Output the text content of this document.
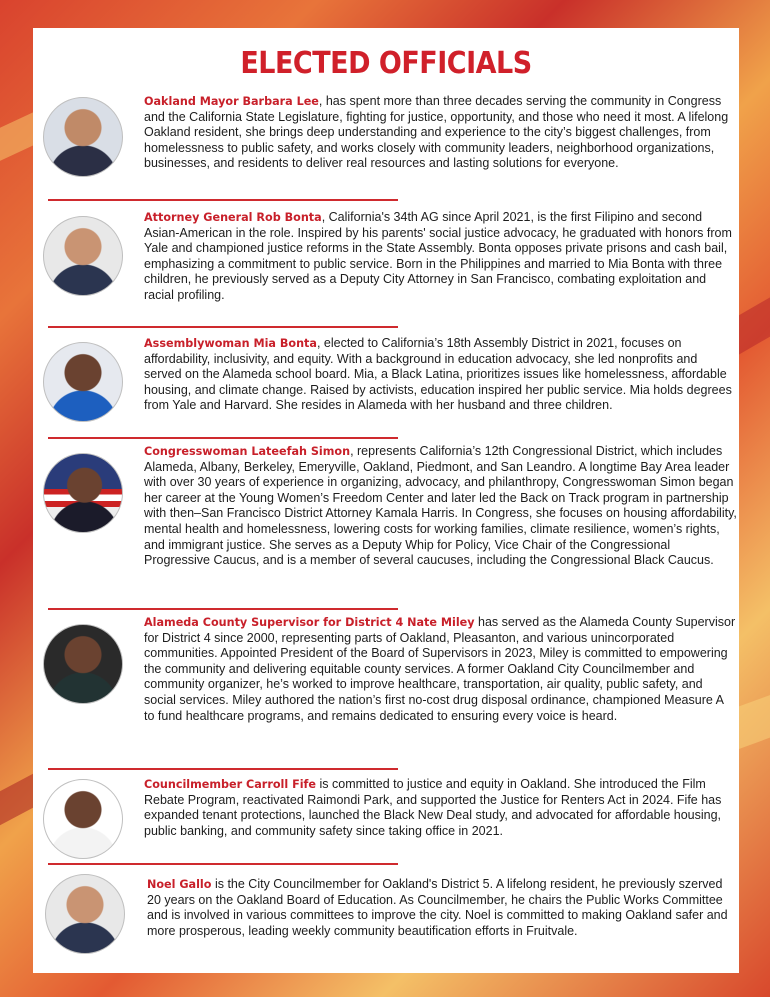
ELECTED OFFICIALS

Oakland Mayor Barbara Lee, has spent more than three decades serving the community in Congress and the California State Legislature, fighting for justice, opportunity, and those who need it most. A lifelong Oakland resident, she brings deep understanding and experience to the city’s biggest challenges, from homelessness to public safety, and works closely with community leaders, neighborhood organizations, businesses, and residents to deliver real resources and lasting solutions for everyone.

Attorney General Rob Bonta, California's 34th AG since April 2021, is the first Filipino and second Asian-American in the role. Inspired by his parents' social justice advocacy, he graduated with honors from Yale and championed justice reforms in the State Assembly. Bonta opposes private prisons and cash bail, emphasizing a commitment to public service. Born in the Philippines and married to Mia Bonta with three children, he previously served as a Deputy City Attorney in San Francisco, combating exploitation and racial profiling.

Assemblywoman Mia Bonta, elected to California’s 18th Assembly District in 2021, focuses on affordability, inclusivity, and equity. With a background in education advocacy, she led nonprofits and served on the Alameda school board. Mia, a Black Latina, prioritizes issues like homelessness, affordable housing, and climate change. Raised by activists, education inspired her public service. Mia holds degrees from Yale and Harvard. She resides in Alameda with her husband and three children.

Congresswoman Lateefah Simon, represents California’s 12th Congressional District, which includes Alameda, Albany, Berkeley, Emeryville, Oakland, Piedmont, and San Leandro. A longtime Bay Area leader with over 30 years of experience in organizing, advocacy, and philanthropy, Congresswoman Simon began her career at the Young Women’s Freedom Center and later led the Back on Track program in partnership with then–San Francisco District Attorney Kamala Harris. In Congress, she focuses on housing affordability, mental health and homelessness, lowering costs for working families, climate resilience, women’s rights, and immigrant justice. She serves as a Deputy Whip for Policy, Vice Chair of the Congressional Progressive Caucus, and is a member of several caucuses, including the Congressional Black Caucus.

Alameda County Supervisor for District 4 Nate Miley has served as the Alameda County Supervisor for District 4 since 2000, representing parts of Oakland, Pleasanton, and various unincorporated communities. Appointed President of the Board of Supervisors in 2023, Miley is committed to empowering the community and delivering equitable county services. A former Oakland City Councilmember and community organizer, he’s worked to improve healthcare, transportation, air quality, public safety, and social services. Miley authored the nation’s first no-cost drug disposal ordinance, championed Measure A to fund healthcare programs, and remains dedicated to ensuring every voice is heard.

Councilmember Carroll Fife is committed to justice and equity in Oakland. She introduced the Film Rebate Program, reactivated Raimondi Park, and supported the Justice for Renters Act in 2024. Fife has expanded tenant protections, launched the Black New Deal study, and advocated for affordable housing, public banking, and community safety since taking office in 2021.

Noel Gallo is the City Councilmember for Oakland's District 5. A lifelong resident, he previously szerved 20 years on the Oakland Board of Education. As Councilmember, he chairs the Public Works Committee and is involved in various committees to improve the city. Noel is committed to making Oakland safer and more prosperous, leading weekly community beautification efforts in Fruitvale.
